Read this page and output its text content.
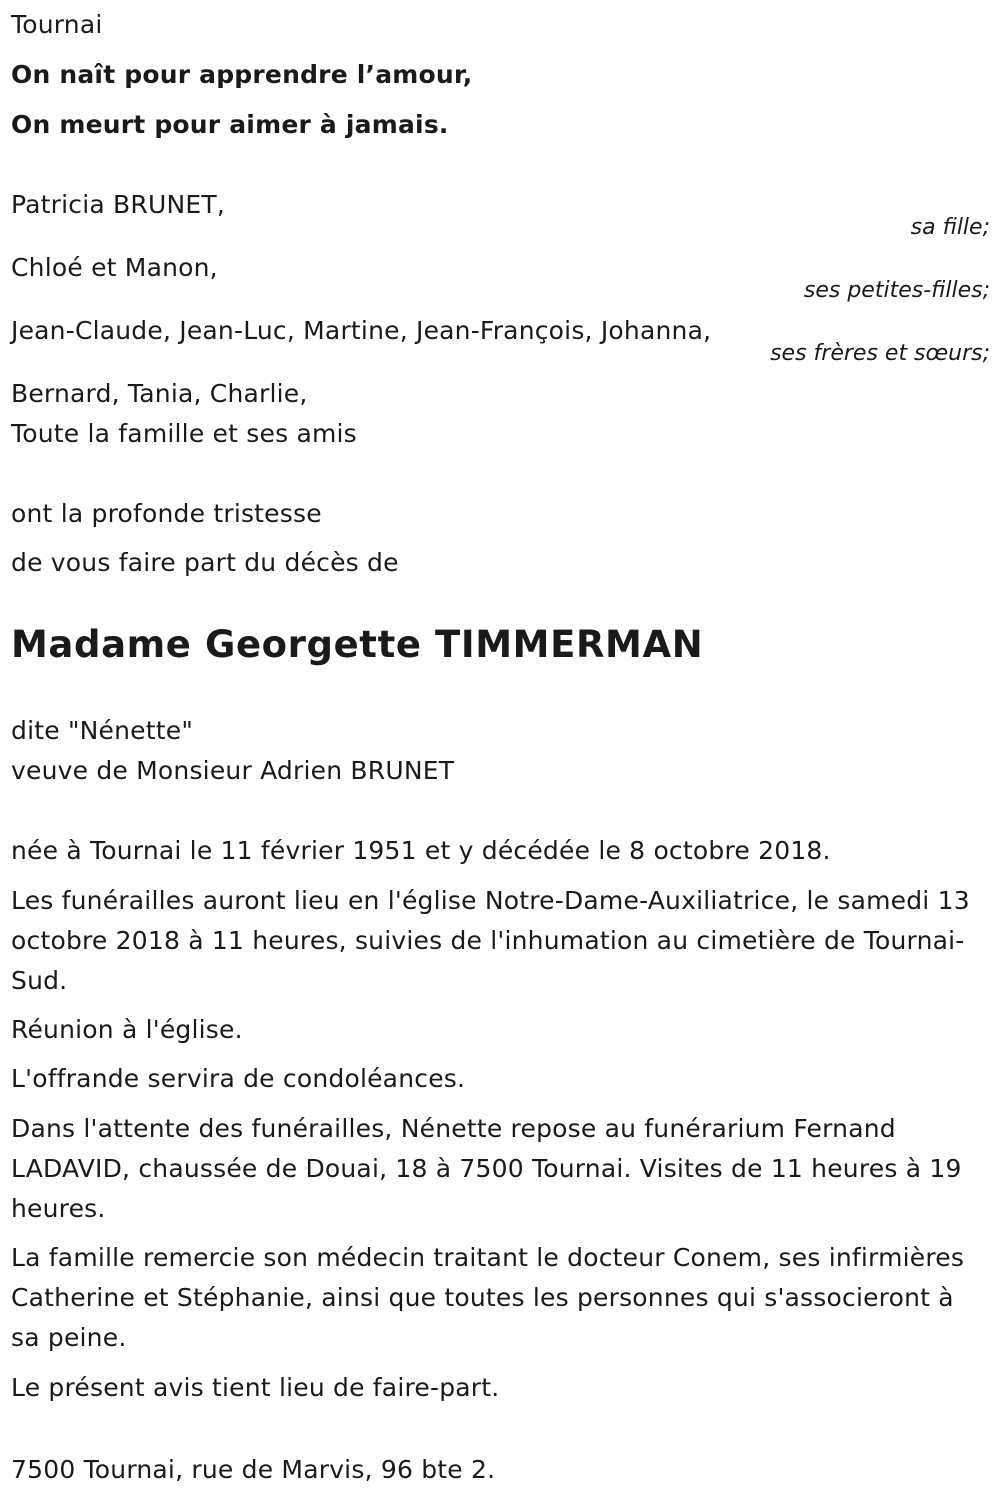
Tournai
On naît pour apprendre l’amour,
On meurt pour aimer à jamais.
Patricia BRUNET,
sa fille;
Chloé et Manon,
ses petites-filles;
Jean-Claude, Jean-Luc, Martine, Jean-François, Johanna,
ses frères et sœurs;
Bernard, Tania, Charlie,
Toute la famille et ses amis
ont la profonde tristesse
de vous faire part du décès de
Madame Georgette TIMMERMAN
dite "Nénette"
veuve de Monsieur Adrien BRUNET
née à Tournai le 11 février 1951 et y décédée le 8 octobre 2018.
Les funérailles auront lieu en l'église Notre-Dame-Auxiliatrice, le samedi 13 octobre 2018 à 11 heures, suivies de l'inhumation au cimetière de Tournai-Sud.
Réunion à l'église.
L'offrande servira de condoléances.
Dans l'attente des funérailles, Nénette repose au funérarium Fernand LADAVID, chaussée de Douai, 18 à 7500 Tournai. Visites de 11 heures à 19 heures.
La famille remercie son médecin traitant le docteur Conem, ses infirmières Catherine et Stéphanie, ainsi que toutes les personnes qui s'associeront à sa peine.
Le présent avis tient lieu de faire-part.
7500 Tournai, rue de Marvis, 96 bte 2.
